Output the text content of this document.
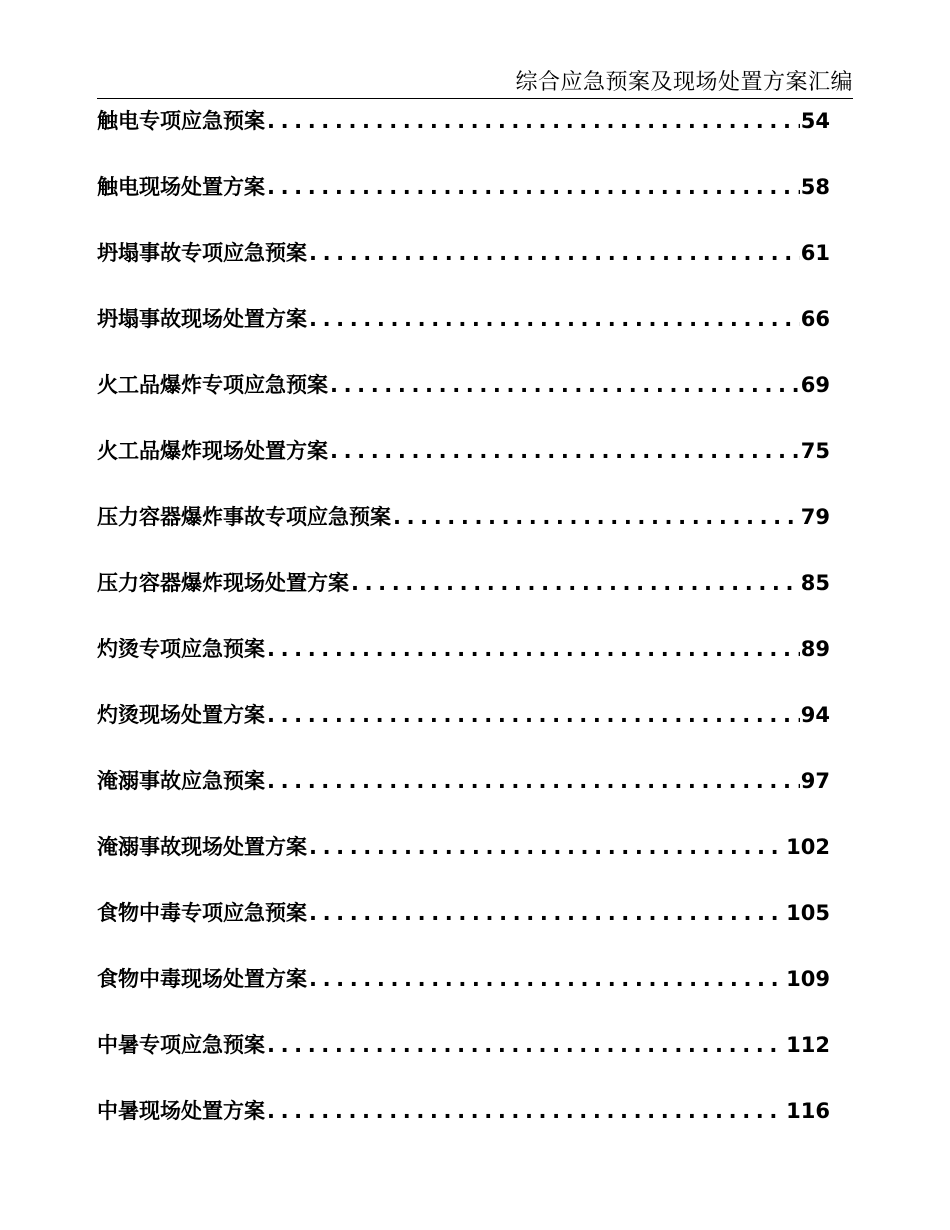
综合应急预案及现场处置方案汇编
触电专项应急预案 .....	54
触电现场处置方案 .....	58
坍塌事故专项应急预案 .....	61
坍塌事故现场处置方案 .....	66
火工品爆炸专项应急预案 .....	69
火工品爆炸现场处置方案 .....	75
压力容器爆炸事故专项应急预案 .....	79
压力容器爆炸现场处置方案 .....	85
灼烫专项应急预案 .....	89
灼烫现场处置方案 .....	94
淹溺事故应急预案 .....	97
淹溺事故现场处置方案 .....	102
食物中毒专项应急预案 .....	105
食物中毒现场处置方案 .....	109
中暑专项应急预案 .....	112
中暑现场处置方案 .....	116
